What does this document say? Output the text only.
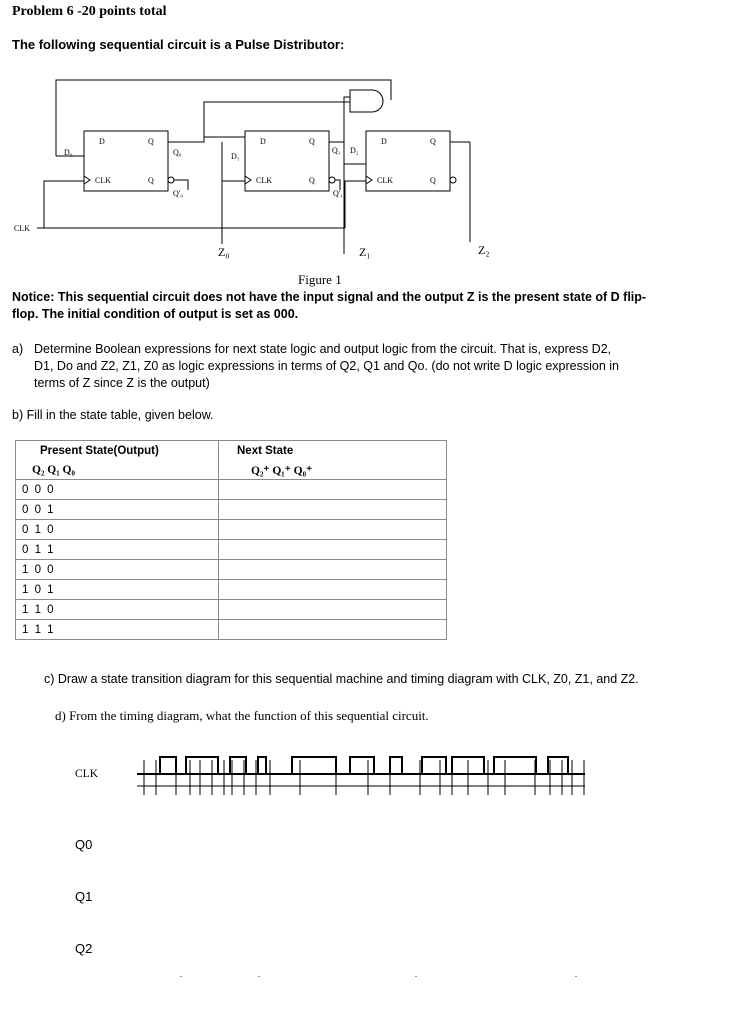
Problem 6 -20 points total
The following sequential circuit is a Pulse Distributor:
D	Q
CLK	Q
D₀	Q₀
Q'₀
D	Q
CLK	Q
D₁
Q₁
Q'₁
D	Q
CLK	Q
D₂
CLK
Z₀	Z₁	Z₂
Figure 1
Notice: This sequential circuit does not have the input signal and the output Z is the present state of D flip-flop. The initial condition of output is set as 000.
a) Determine Boolean expressions for next state logic and output logic from the circuit. That is, express D2, D1, Do and Z2, Z1, Z0 as logic expressions in terms of Q2, Q1 and Qo. (do not write D logic expression in terms of Z since Z is the output)
b) Fill in the state table, given below.
Present State(Output)	Next State
Q₂ Q₁ Q₀	Q₂⁺ Q₁⁺ Q₀⁺
0 0 0	
0 0 1	
0 1 0	
0 1 1	
1 0 0	
1 0 1	
1 1 0	
1 1 1	
c) Draw a state transition diagram for this sequential machine and timing diagram with CLK, Z0, Z1, and Z2.
d) From the timing diagram, what the function of this sequential circuit.
CLK
Q0
Q1
Q2
